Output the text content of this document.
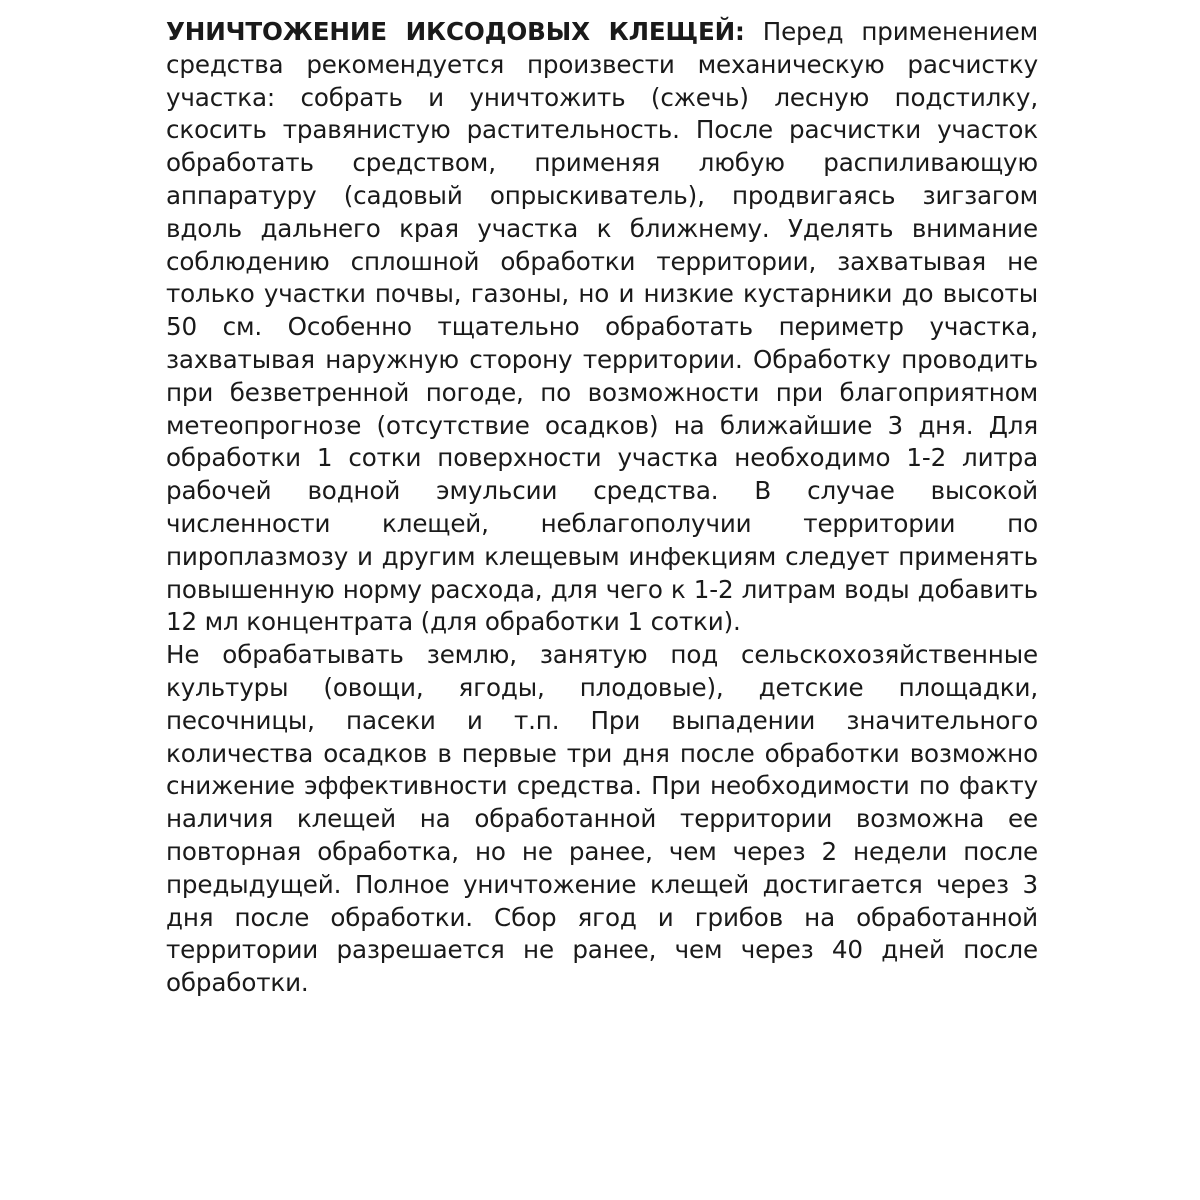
УНИЧТОЖЕНИЕ ИКСОДОВЫХ КЛЕЩЕЙ: Перед применением средства рекомендуется произвести механическую расчистку участка: собрать и уничтожить (сжечь) лесную подстилку, скосить травянистую растительность. После расчистки участок обработать средством, применяя любую распиливающую аппаратуру (садовый опрыскиватель), продвигаясь зигзагом вдоль дальнего края участка к ближнему. Уделять внимание соблюдению сплошной обработки территории, захватывая не только участки почвы, газоны, но и низкие кустарники до высоты 50 см. Особенно тщательно обработать периметр участка, захватывая наружную сторону территории. Обработку проводить при безветренной погоде, по возможности при благоприятном метеопрогнозе (отсутствие осадков) на ближайшие 3 дня. Для обработки 1 сотки поверхности участка необходимо 1-2 литра рабочей водной эмульсии средства. В случае высокой численности клещей, неблагополучии территории по пироплазмозу и другим клещевым инфекциям следует применять повышенную норму расхода, для чего к 1-2 литрам воды добавить 12 мл концентрата (для обработки 1 сотки).

Не обрабатывать землю, занятую под сельскохозяйственные культуры (овощи, ягоды, плодовые), детские площадки, песочницы, пасеки и т.п. При выпадении значительного количества осадков в первые три дня после обработки возможно снижение эффективности средства. При необходимости по факту наличия клещей на обработанной территории возможна ее повторная обработка, но не ранее, чем через 2 недели после предыдущей. Полное уничтожение клещей достигается через 3 дня после обработки. Сбор ягод и грибов на обработанной территории разрешается не ранее, чем через 40 дней после обработки.
